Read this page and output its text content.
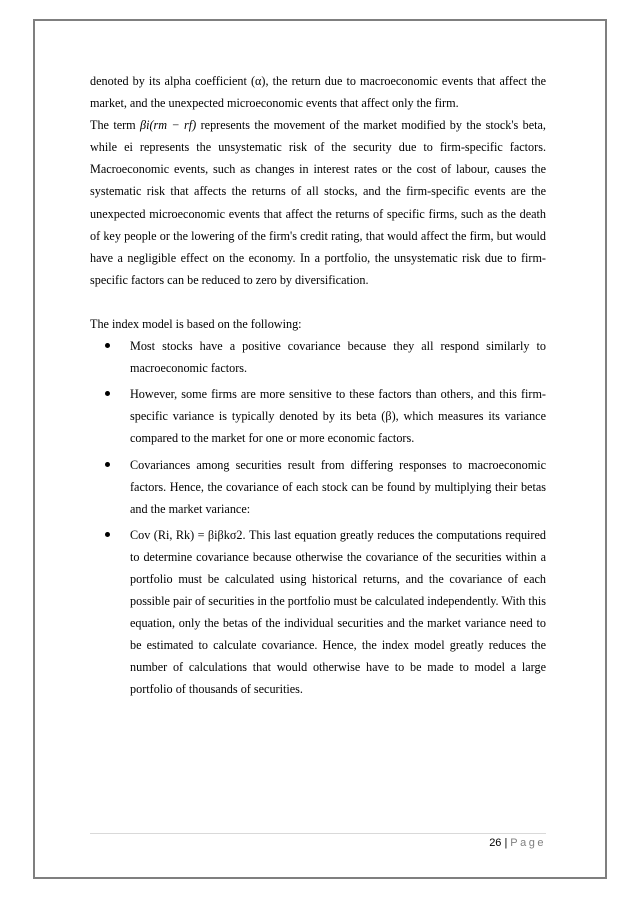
denoted by its alpha coefficient (α), the return due to macroeconomic events that affect the market, and the unexpected microeconomic events that affect only the firm.

The term βi(rm − rf) represents the movement of the market modified by the stock's beta, while ei represents the unsystematic risk of the security due to firm-specific factors. Macroeconomic events, such as changes in interest rates or the cost of labour, causes the systematic risk that affects the returns of all stocks, and the firm-specific events are the unexpected microeconomic events that affect the returns of specific firms, such as the death of key people or the lowering of the firm's credit rating, that would affect the firm, but would have a negligible effect on the economy. In a portfolio, the unsystematic risk due to firm-specific factors can be reduced to zero by diversification.

The index model is based on the following:

Most stocks have a positive covariance because they all respond similarly to macroeconomic factors.
However, some firms are more sensitive to these factors than others, and this firm-specific variance is typically denoted by its beta (β), which measures its variance compared to the market for one or more economic factors.
Covariances among securities result from differing responses to macroeconomic factors. Hence, the covariance of each stock can be found by multiplying their betas and the market variance:
Cov (Ri, Rk) = βiβkσ2. This last equation greatly reduces the computations required to determine covariance because otherwise the covariance of the securities within a portfolio must be calculated using historical returns, and the covariance of each possible pair of securities in the portfolio must be calculated independently. With this equation, only the betas of the individual securities and the market variance need to be estimated to calculate covariance. Hence, the index model greatly reduces the number of calculations that would otherwise have to be made to model a large portfolio of thousands of securities.
26 | Page
